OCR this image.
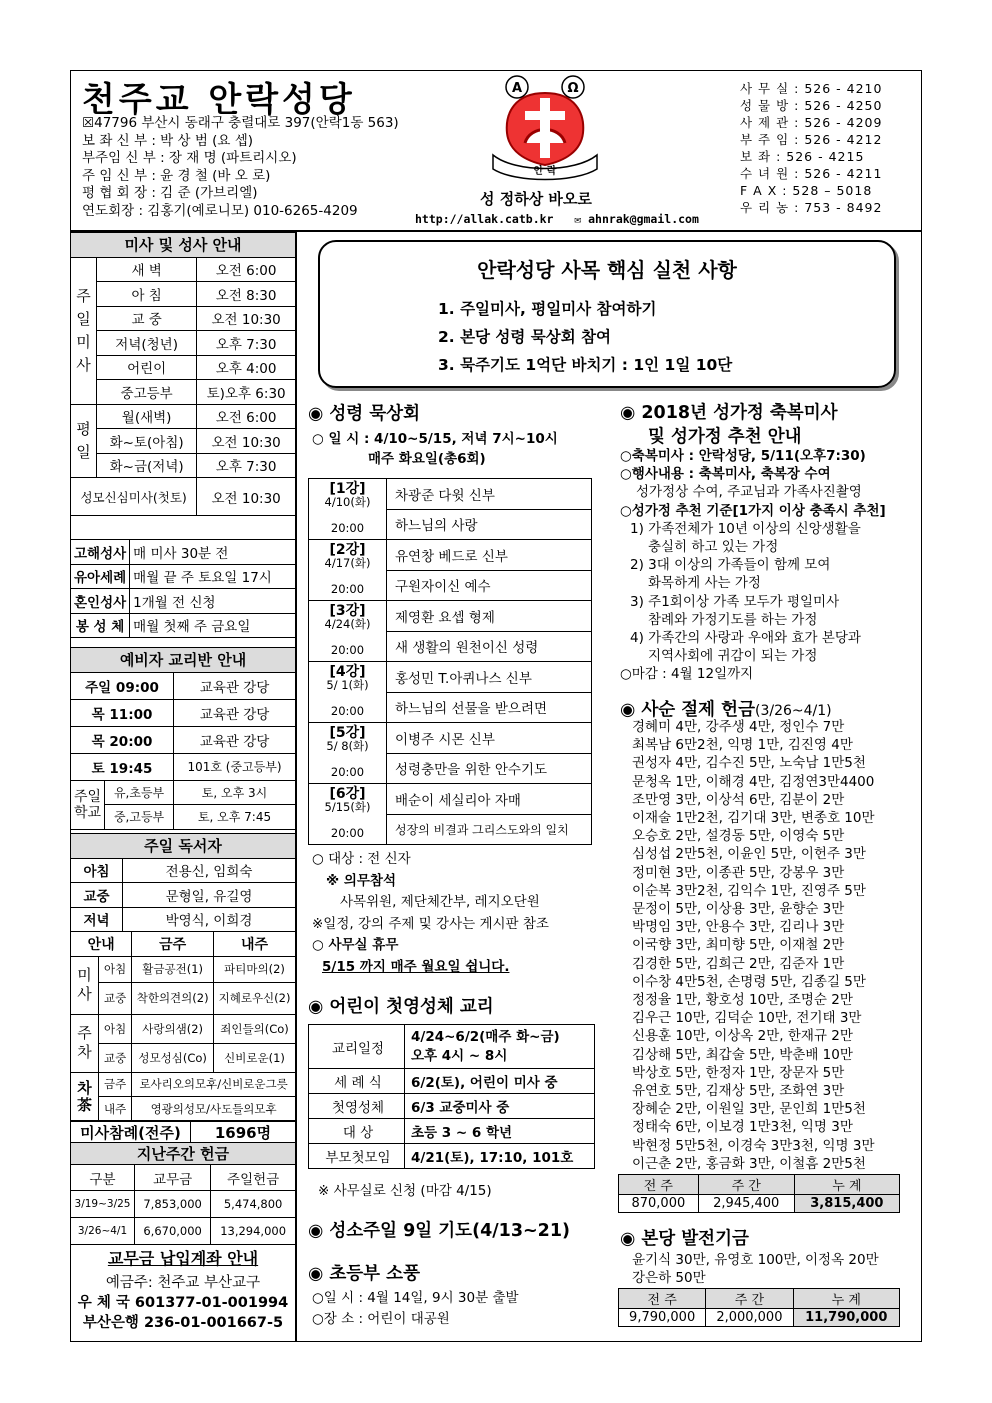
천주교 안락성당
☒47796 부산시 동래구 충렬대로 397(안락1동 563)
보 좌 신 부 : 박 상 범 (요 셉)
부주임 신 부 : 장 재 명 (파트리시오)
주 임 신 부 : 윤 경 철 (바 오 로)
평 협 회 장 : 김 준 (가브리엘)
연도회장 : 김홍기(예로니모) 010-6265-4209
A	Ω
안 락
성 정하상 바오로
http://allak.catb.kr   ✉ ahnrak@gmail.com
사 무 실 : 526 - 4210
성 물 방 : 526 - 4250
사 제 관 : 526 - 4209
부 주 임 : 526 - 4212
보 좌 : 526 - 4215
수 녀 원 : 526 - 4211
F A X : 528 – 5018
우 리 농 : 753 - 8492
미사 및 성사 안내		
주
일
미
사	새 벽	오전 6:00
	아 침	오전 8:30
	교 중	오전 10:30
	저녁(청년)	오후 7:30
	어린이	오후 4:00
	중고등부	토)오후 6:30
평
일	월(새벽)	오전 6:00
	화~토(아침)	오전 10:30
	화~금(저녁)	오후 7:30
성모신심미사(첫토)		오전 10:30
고해성사	매 미사 30분 전
유아세례	매월 끝 주 토요일 17시
혼인성사	1개월 전 신청
봉 성 체	매월 첫째 주 금요일
예비자 교리반 안내		
주일 09:00		교육관 강당
목 11:00		교육관 강당
목 20:00		교육관 강당
토 19:45		101호 (중고등부)
주일
학교	유,초등부	토, 오후 3시
	중,고등부	토, 오후 7:45
주일 독서자	
아침	전용신, 임희숙
교중	문형일, 유길영
저녁	박영식, 이희경
안내		금주	내주
미
사	아침	활금공전(1)	파티마의(2)
	교중	착한의견의(2)	지혜로우신(2)
주
차	아침	사랑의샘(2)	죄인들의(Co)
	교중	성모성심(Co)	신비로운(1)
차
茶	금주	로사리오의모후/신비로운그릇	
	내주	영광의성모/사도들의모후	
미사참례(전주)	1696명
지난주간 헌금		
구분	교무금	주일헌금
3/19~3/25	7,853,000	5,474,800
3/26~4/1	6,670,000	13,294,000
교무금 납입계좌 안내
예금주: 천주교 부산교구
우 체 국 601377-01-001994
부산은행 236-01-001667-5
안락성당 사목 핵심 실천 사항
1. 주일미사, 평일미사 참여하기
2. 본당 성령 묵상회 참여
3. 묵주기도 1억단 바치기 : 1인 1일 10단
◉ 성령 묵상회
○ 일 시 : 4/10~5/15, 저녁 7시~10시
매주 화요일(총6회)
[1강]
4/10(화)

20:00	차광준 다윗 신부
	하느님의 사랑
[2강]
4/17(화)

20:00	유연창 베드로 신부
	구원자이신 예수
[3강]
4/24(화)

20:00	제영환 요셉 형제
	새 생활의 원천이신 성령
[4강]
5/ 1(화)

20:00	홍성민 T.아퀴나스 신부
	하느님의 선물을 받으려면
[5강]
5/ 8(화)

20:00	이병주 시몬 신부
	성령충만을 위한 안수기도
[6강]
5/15(화)

20:00	배순이 세실리아 자매
	성장의 비결과 그리스도와의 일치
○ 대상 : 전 신자
※ 의무참석
사목위원, 제단체간부, 레지오단원
※일정, 강의 주제 및 강사는 게시판 참조
○ 사무실 휴무
5/15 까지 매주 월요일 쉽니다.
◉ 어린이 첫영성체 교리
교리일정	4/24~6/2(매주 화~금)
오후 4시 ~ 8시
세 례 식	6/2(토), 어린이 미사 중
첫영성체	6/3 교중미사 중
대 상	초등 3 ~ 6 학년
부모첫모임	4/21(토), 17:10, 101호
※ 사무실로 신청 (마감 4/15)
◉ 성소주일 9일 기도(4/13~21)
◉ 초등부 소풍
○일 시 : 4월 14일, 9시 30분 출발
○장 소 : 어린이 대공원
◉ 2018년 성가정 축복미사
및 성가정 추천 안내
○축복미사 : 안락성당, 5/11(오후7:30)
○행사내용 : 축복미사, 축복장 수여
성가정상 수여, 주교님과 가족사진촬영
○성가정 추천 기준[1가지 이상 충족시 추천]
1) 가족전체가 10년 이상의 신앙생활을
충실히 하고 있는 가정
2) 3대 이상의 가족들이 함께 모여
화목하게 사는 가정
3) 주1회이상 가족 모두가 평일미사
참례와 가정기도를 하는 가정
4) 가족간의 사랑과 우애와 효가 본당과
지역사회에 귀감이 되는 가정
○마감 : 4월 12일까지
◉ 사순 절제 헌금(3/26~4/1)
경혜미 4만, 강주생 4만, 정인수 7만
최복남 6만2천, 익명 1만, 김진영 4만
권성자 4만, 김수진 5만, 노숙남 1만5천
문청옥 1만, 이해경 4만, 김정연3만4400
조만영 3만, 이상석 6만, 김분이 2만
이재술 1만2천, 김기대 3만, 변종호 10만
오승호 2만, 설경동 5만, 이영숙 5만
심성섭 2만5천, 이윤인 5만, 이헌주 3만
정미현 3만, 이종관 5만, 강봉우 3만
이순복 3만2천, 김익수 1만, 진영주 5만
문정이 5만, 이상용 3만, 윤향순 3만
박명임 3만, 안용수 3만, 김리나 3만
이국향 3만, 최미향 5만, 이재철 2만
김경한 5만, 김희근 2만, 김준자 1만
이수창 4만5천, 손명령 5만, 김종길 5만
정정율 1만, 황호성 10만, 조명순 2만
김우근 10만, 김덕순 10만, 전기태 3만
신용훈 10만, 이상옥 2만, 한재규 2만
김상해 5만, 최갑술 5만, 박춘배 10만
박상호 5만, 한정자 1만, 장문자 5만
유연호 5만, 김재상 5만, 조화연 3만
장혜순 2만, 이원일 3만, 문인희 1만5천
정태숙 6만, 이보경 1만3천, 익명 3만
박현정 5만5천, 이경숙 3만3천, 익명 3만
이근춘 2만, 홍금화 3만, 이철흠 2만5천
전 주	주 간	누 계
870,000	2,945,400	3,815,400
◉ 본당 발전기금
윤기식 30만, 유영호 100만, 이정옥 20만
강은하 50만
전 주	주 간	누 계
9,790,000	2,000,000	11,790,000
